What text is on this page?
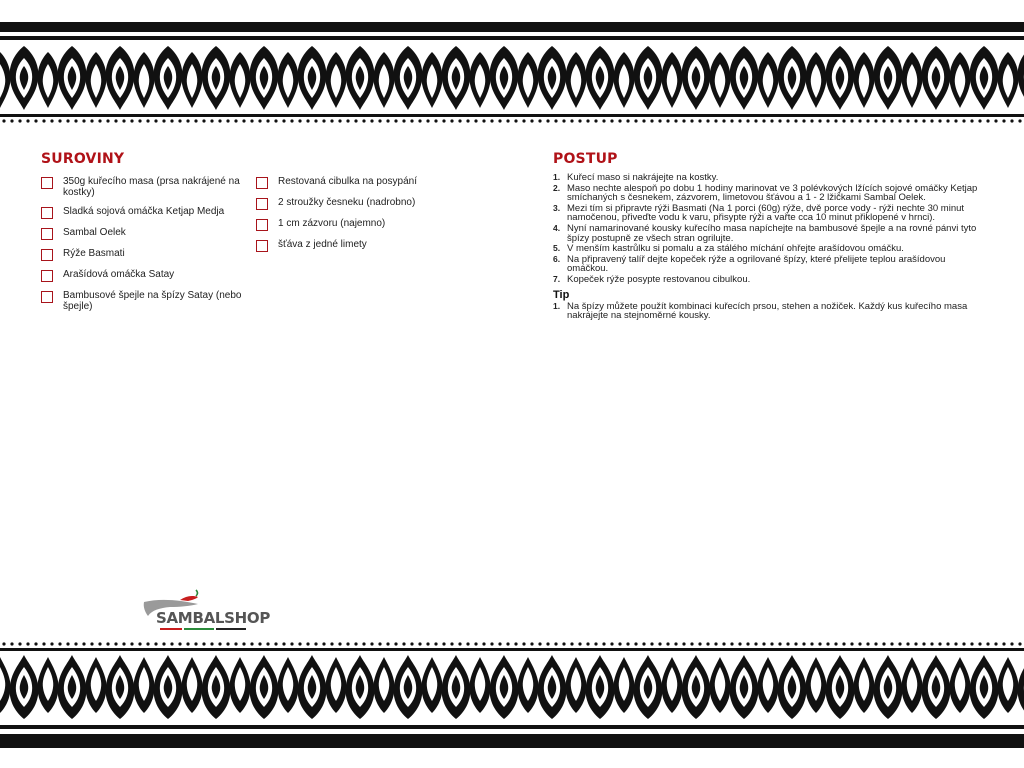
SUROVINY
350g kuřecího masa (prsa nakrájené na kostky)
Sladká sojová omáčka Ketjap Medja
Sambal Oelek
Rýže Basmati
Arašídová omáčka Satay
Bambusové špejle na špízy Satay (nebo špejle)
Restovaná cibulka na posypání
2 stroužky česneku (nadrobno)
1 cm zázvoru (najemno)
šťáva z jedné limety
POSTUP
1. Kuřecí maso si nakrájejte na kostky.
2. Maso nechte alespoň po dobu 1 hodiny marinovat ve 3 polévkových lžících sojové omáčky Ketjap smíchaných s česnekem, zázvorem, limetovou šťávou a 1 - 2 lžičkami Sambal Oelek.
3. Mezi tím si připravte rýži Basmati (Na 1 porci (60g) rýže, dvě porce vody - rýži nechte 30 minut namočenou, přiveďte vodu k varu, přisypte rýži a vařte cca 10 minut přiklopené v hrnci).
4. Nyní namarinované kousky kuřecího masa napíchejte na bambusové špejle a na rovné pánvi tyto špízy postupně ze všech stran ogrilujte.
5. V menším kastrůlku si pomalu a za stálého míchání ohřejte arašídovou omáčku.
6. Na připravený talíř dejte kopeček rýže a ogrilované špízy, které přelijete teplou arašídovou omáčkou.
7. Kopeček rýže posypte restovanou cibulkou.
Tip
1. Na špízy můžete použít kombinaci kuřecích prsou, stehen a nožiček. Každý kus kuřecího masa nakrájejte na stejnoměrné kousky.
SAMBALSHOP
